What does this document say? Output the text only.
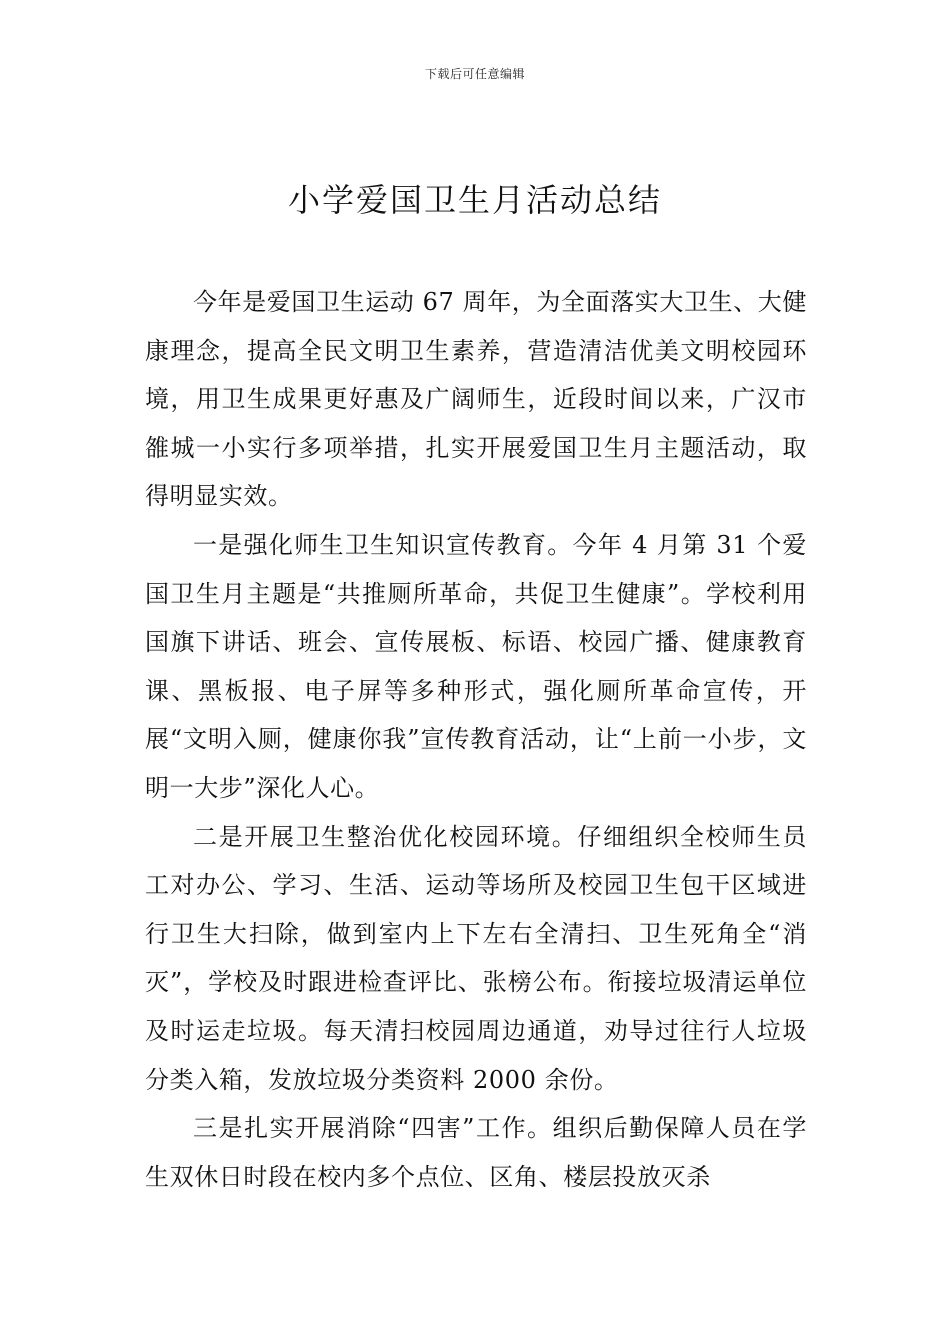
下载后可任意编辑
小学爱国卫生月活动总结

今年是爱国卫生运动 67 周年，为全面落实大卫生、大健康理念，提高全民文明卫生素养，营造清洁优美文明校园环境，用卫生成果更好惠及广阔师生，近段时间以来，广汉市雒城一小实行多项举措，扎实开展爱国卫生月主题活动，取得明显实效。

一是强化师生卫生知识宣传教育。今年 4 月第 31 个爱国卫生月主题是“共推厕所革命，共促卫生健康”。学校利用国旗下讲话、班会、宣传展板、标语、校园广播、健康教育课、黑板报、电子屏等多种形式，强化厕所革命宣传，开展“文明入厕，健康你我”宣传教育活动，让“上前一小步，文明一大步”深化人心。

二是开展卫生整治优化校园环境。仔细组织全校师生员工对办公、学习、生活、运动等场所及校园卫生包干区域进行卫生大扫除，做到室内上下左右全清扫、卫生死角全“消灭”，学校及时跟进检查评比、张榜公布。衔接垃圾清运单位及时运走垃圾。每天清扫校园周边通道，劝导过往行人垃圾分类入箱，发放垃圾分类资料 2000 余份。

三是扎实开展消除“四害”工作。组织后勤保障人员在学生双休日时段在校内多个点位、区角、楼层投放灭杀
